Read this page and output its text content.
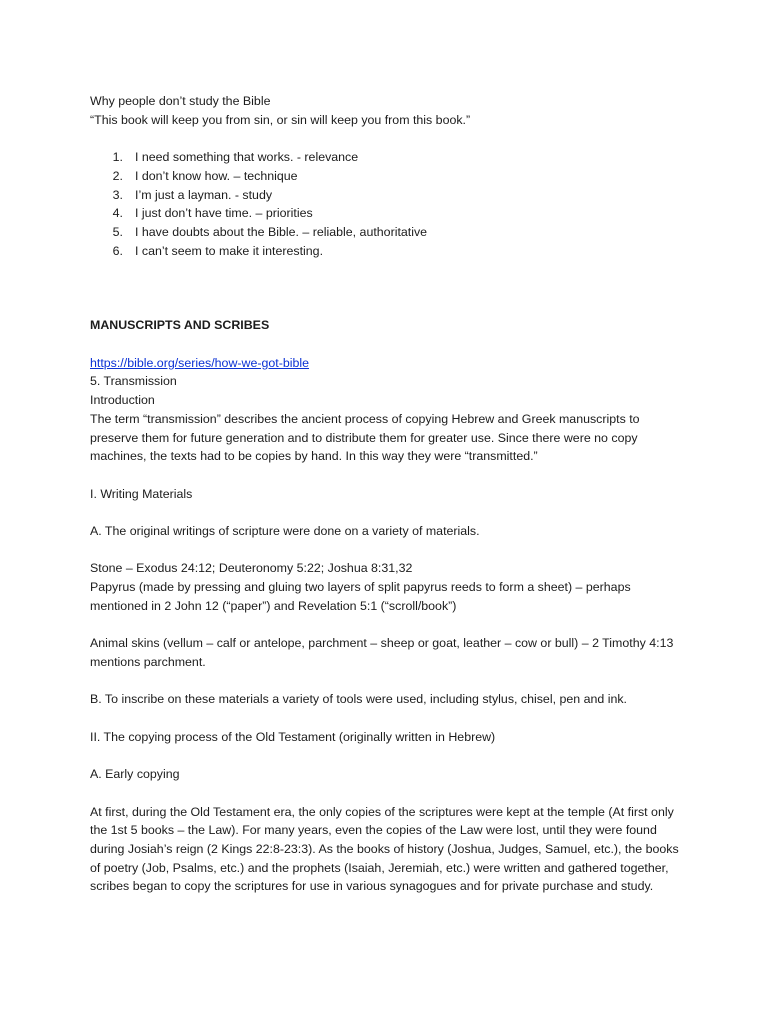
Why people don’t study the Bible

“This book will keep you from sin, or sin will keep you from this book.”

1. I need something that works. - relevance
2. I don’t know how. – technique
3. I’m just a layman. - study
4. I just don’t have time. – priorities
5. I have doubts about the Bible. – reliable, authoritative
6. I can’t seem to make it interesting.

MANUSCRIPTS AND SCRIBES

https://bible.org/series/how-we-got-bible

5. Transmission

Introduction

The term “transmission” describes the ancient process of copying Hebrew and Greek manuscripts to preserve them for future generation and to distribute them for greater use. Since there were no copy machines, the texts had to be copies by hand. In this way they were “transmitted.”

I. Writing Materials

A. The original writings of scripture were done on a variety of materials.

Stone – Exodus 24:12; Deuteronomy 5:22; Joshua 8:31,32

Papyrus (made by pressing and gluing two layers of split papyrus reeds to form a sheet) – perhaps mentioned in 2 John 12 (“paper”) and Revelation 5:1 (“scroll/book”)

Animal skins (vellum – calf or antelope, parchment – sheep or goat, leather – cow or bull) – 2 Timothy 4:13 mentions parchment.

B. To inscribe on these materials a variety of tools were used, including stylus, chisel, pen and ink.

II. The copying process of the Old Testament (originally written in Hebrew)

A. Early copying

At first, during the Old Testament era, the only copies of the scriptures were kept at the temple (At first only the 1st 5 books – the Law). For many years, even the copies of the Law were lost, until they were found during Josiah’s reign (2 Kings 22:8-23:3). As the books of history (Joshua, Judges, Samuel, etc.), the books of poetry (Job, Psalms, etc.) and the prophets (Isaiah, Jeremiah, etc.) were written and gathered together, scribes began to copy the scriptures for use in various synagogues and for private purchase and study.
